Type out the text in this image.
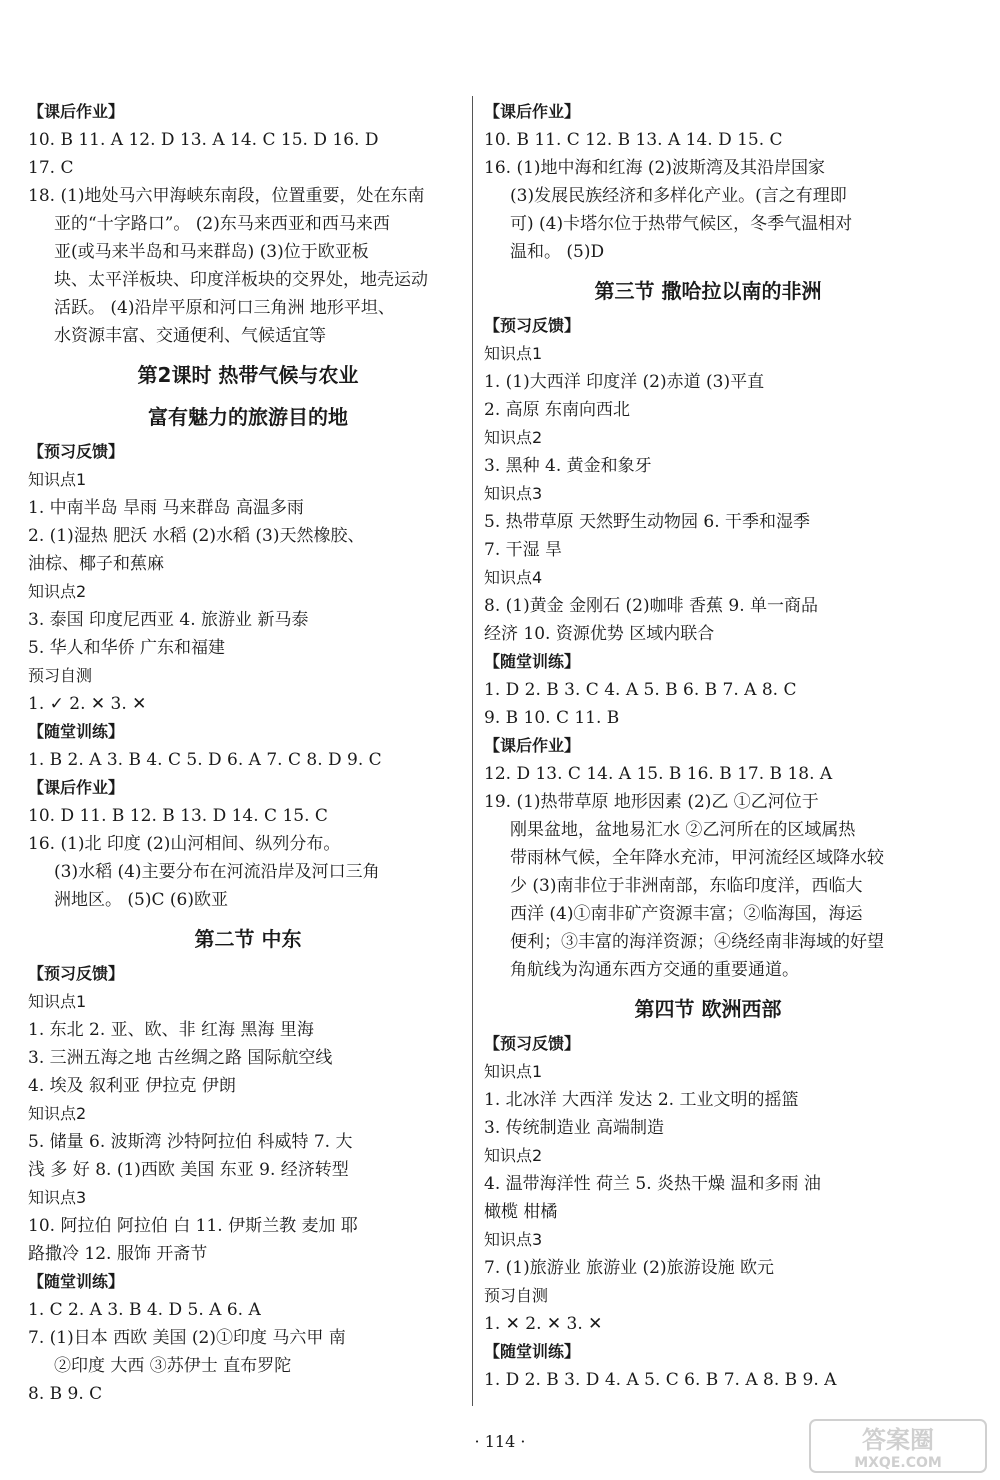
【课后作业】
10. B 11. A 12. D 13. A 14. C 15. D 16. D
17. C
18. (1)地处马六甲海峡东南段，位置重要，处在东南
亚的“十字路口”。 (2)东马来西亚和西马来西
亚(或马来半岛和马来群岛) (3)位于欧亚板
块、太平洋板块、印度洋板块的交界处，地壳运动
活跃。 (4)沿岸平原和河口三角洲 地形平坦、
水资源丰富、交通便利、气候适宜等
第2课时 热带气候与农业
富有魅力的旅游目的地
【预习反馈】
知识点1
1. 中南半岛 旱雨 马来群岛 高温多雨
2. (1)湿热 肥沃 水稻 (2)水稻 (3)天然橡胶、
油棕、椰子和蕉麻
知识点2
3. 泰国 印度尼西亚 4. 旅游业 新马泰
5. 华人和华侨 广东和福建
预习自测
1. ✓ 2. ✕ 3. ✕
【随堂训练】
1. B 2. A 3. B 4. C 5. D 6. A 7. C 8. D 9. C
【课后作业】
10. D 11. B 12. B 13. D 14. C 15. C
16. (1)北 印度 (2)山河相间、纵列分布。
(3)水稻 (4)主要分布在河流沿岸及河口三角
洲地区。 (5)C (6)欧亚
第二节 中东
【预习反馈】
知识点1
1. 东北 2. 亚、欧、非 红海 黑海 里海
3. 三洲五海之地 古丝绸之路 国际航空线
4. 埃及 叙利亚 伊拉克 伊朗
知识点2
5. 储量 6. 波斯湾 沙特阿拉伯 科威特 7. 大
浅 多 好 8. (1)西欧 美国 东亚 9. 经济转型
知识点3
10. 阿拉伯 阿拉伯 白 11. 伊斯兰教 麦加 耶
路撒冷 12. 服饰 开斋节
【随堂训练】
1. C 2. A 3. B 4. D 5. A 6. A
7. (1)日本 西欧 美国 (2)①印度 马六甲 南
②印度 大西 ③苏伊士 直布罗陀
8. B 9. C
【课后作业】
10. B 11. C 12. B 13. A 14. D 15. C
16. (1)地中海和红海 (2)波斯湾及其沿岸国家
(3)发展民族经济和多样化产业。(言之有理即
可) (4)卡塔尔位于热带气候区，冬季气温相对
温和。 (5)D
第三节 撒哈拉以南的非洲
【预习反馈】
知识点1
1. (1)大西洋 印度洋 (2)赤道 (3)平直
2. 高原 东南向西北
知识点2
3. 黑种 4. 黄金和象牙
知识点3
5. 热带草原 天然野生动物园 6. 干季和湿季
7. 干湿 旱
知识点4
8. (1)黄金 金刚石 (2)咖啡 香蕉 9. 单一商品
经济 10. 资源优势 区域内联合
【随堂训练】
1. D 2. B 3. C 4. A 5. B 6. B 7. A 8. C
9. B 10. C 11. B
【课后作业】
12. D 13. C 14. A 15. B 16. B 17. B 18. A
19. (1)热带草原 地形因素 (2)乙 ①乙河位于
刚果盆地，盆地易汇水 ②乙河所在的区域属热
带雨林气候，全年降水充沛，甲河流经区域降水较
少 (3)南非位于非洲南部，东临印度洋，西临大
西洋 (4)①南非矿产资源丰富；②临海国，海运
便利；③丰富的海洋资源；④绕经南非海域的好望
角航线为沟通东西方交通的重要通道。
第四节 欧洲西部
【预习反馈】
知识点1
1. 北冰洋 大西洋 发达 2. 工业文明的摇篮
3. 传统制造业 高端制造
知识点2
4. 温带海洋性 荷兰 5. 炎热干燥 温和多雨 油
橄榄 柑橘
知识点3
7. (1)旅游业 旅游业 (2)旅游设施 欧元
预习自测
1. ✕ 2. ✕ 3. ✕
【随堂训练】
1. D 2. B 3. D 4. A 5. C 6. B 7. A 8. B 9. A
· 114 ·	答案圈
MXQE.COM
